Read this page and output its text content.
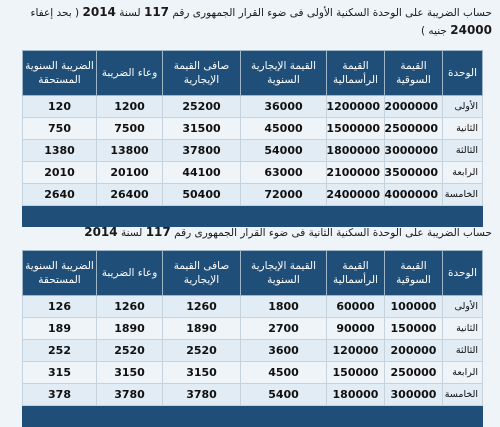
حساب الضريبة على الوحدة السكنية الأولى فى ضوء القرار الجمهورى رقم 117 لسنة 2014 ( بحد إعفاء 24000 جنيه )
الوحدة	القيمة السوقية	القيمة الرأسمالية	القيمة الإيجارية السنوية	صافى القيمة الإيجارية	وعاء الضريبة	الضريبة السنوية المستحقة
الأولى	2000000	1200000	36000	25200	1200	120
الثانية	2500000	1500000	45000	31500	7500	750
الثالثة	3000000	1800000	54000	37800	13800	1380
الرابعة	3500000	2100000	63000	44100	20100	2010
الخامسة	4000000	2400000	72000	50400	26400	2640

حساب الضريبة على الوحدة السكنية الثانية فى ضوء القرار الجمهورى رقم 117 لسنة 2014
الوحدة	القيمة السوقية	القيمة الرأسمالية	القيمة الإيجارية السنوية	صافى القيمة الإيجارية	وعاء الضريبة	الضريبة السنوية المستحقة
الأولى	100000	60000	1800	1260	1260	126
الثانية	150000	90000	2700	1890	1890	189
الثالثة	200000	120000	3600	2520	2520	252
الرابعة	250000	150000	4500	3150	3150	315
الخامسة	300000	180000	5400	3780	3780	378
